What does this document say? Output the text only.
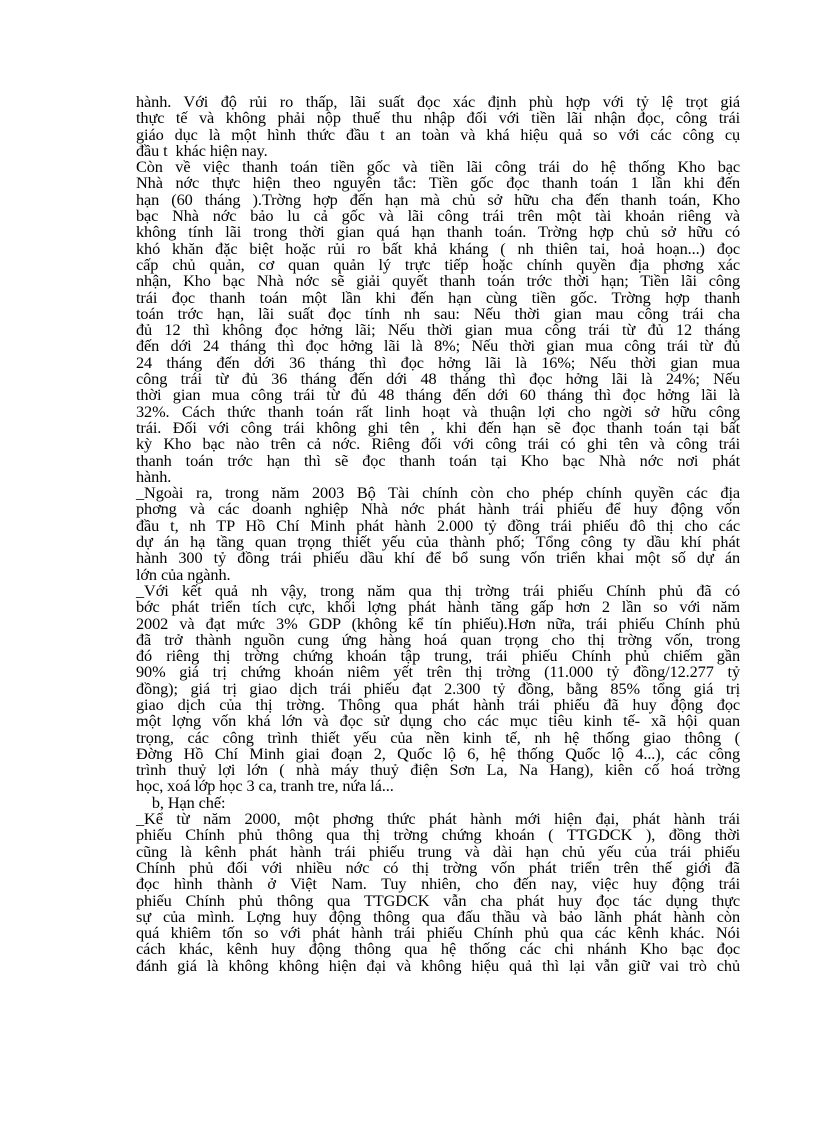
hành. Với độ rủi ro thấp, lãi suất đọc xác định phù hợp với tỷ lệ trọt giá
thực tế và không phải nộp thuế thu nhập đối với tiền lãi nhận đọc, công trái
giáo dục là một hình thức đầu t an toàn và khá hiệu quả so với các công cụ
đầu t  khác hiện nay.
Còn về việc thanh toán tiền gốc và tiền lãi công trái do hệ thống Kho bạc
Nhà nớc thực hiện theo nguyên tắc: Tiền gốc đọc thanh toán 1 lần khi đến
hạn (60 tháng ).Trờng hợp đến hạn mà chủ sở hữu cha đến thanh toán, Kho
bạc Nhà nớc bảo lu cả gốc và lãi công trái trên một tài khoản riêng và
không tính lãi trong thời gian quá hạn thanh toán. Trờng hợp chủ sở hữu có
khó khăn đặc biệt hoặc rủi ro bất khả kháng ( nh thiên tai, hoả hoạn...) đọc
cấp chủ quản, cơ quan quản lý trực tiếp hoặc chính quyền địa phơng xác
nhận, Kho bạc Nhà nớc sẽ giải quyết thanh toán trớc thời hạn; Tiền lãi công
trái đọc thanh toán một lần khi đến hạn cùng tiền gốc. Trờng hợp thanh
toán trớc hạn, lãi suất đọc tính nh sau: Nếu thời gian mau công trái cha
đủ 12 thì không đọc hởng lãi; Nếu thời gian mua công trái từ đủ 12 tháng
đến dới 24 tháng thì đọc hởng lãi là 8%; Nếu thời gian mua công trái từ đủ
24 tháng đến dới 36 tháng thì đọc hởng lãi là 16%; Nếu thời gian mua
công trái từ đủ 36 tháng đến dới 48 tháng thì đọc hởng lãi là 24%; Nếu
thời gian mua công trái từ đủ 48 tháng đến dới 60 tháng thì đọc hởng lãi là
32%. Cách thức thanh toán rất linh hoạt và thuận lợi cho ngời sở hữu công
trái. Đối với công trái không ghi tên , khi đến hạn sẽ đọc thanh toán tại bất
kỳ Kho bạc nào trên cả nớc. Riêng đối với công trái có ghi tên và công trái
thanh toán trớc hạn thì sẽ đọc thanh toán tại Kho bạc Nhà nớc nơi phát
hành.
_Ngoài ra, trong năm 2003 Bộ Tài chính còn cho phép chính quyền các địa
phơng và các doanh nghiệp Nhà nớc phát hành trái phiếu để huy động vốn
đầu t, nh TP Hồ Chí Minh phát hành 2.000 tỷ đồng trái phiếu đô thị cho các
dự án hạ tầng quan trọng thiết yếu của thành phố; Tổng công ty dầu khí phát
hành 300 tỷ đồng trái phiếu dầu khí để bổ sung vốn triển khai một số dự án
lớn của ngành.
_Với kết quả nh vậy, trong năm qua thị trờng trái phiếu Chính phủ đã có
bớc phát triển tích cực, khối lợng phát hành tăng gấp hơn 2 lần so với năm
2002 và đạt mức 3% GDP (không kể tín phiếu).Hơn nữa, trái phiếu Chính phủ
đã trở thành nguồn cung ứng hàng hoá quan trọng cho thị trờng vốn, trong
đó riêng thị trờng chứng khoán tập trung, trái phiếu Chính phủ chiếm gần
90% giá trị chứng khoán niêm yết trên thị trờng (11.000 tỷ đồng/12.277 tỷ
đồng); giá trị giao dịch trái phiếu đạt 2.300 tỷ đồng, bằng 85% tổng giá trị
giao dịch của thị trờng. Thông qua phát hành trái phiếu đã huy động đọc
một lợng vốn khá lớn và đọc sử dụng cho các mục tiêu kinh tế- xã hội quan
trọng, các công trình thiết yếu của nền kinh tế, nh hệ thống giao thông (
Đờng Hồ Chí Minh giai đoạn 2, Quốc lộ 6, hệ thống Quốc lộ 4...), các công
trình thuỷ lợi lớn ( nhà máy thuỷ điện Sơn La, Na Hang), kiên cố hoá trờng
học, xoá lớp học 3 ca, tranh tre, nứa lá...
b, Hạn chế:
_Kể từ năm 2000, một phơng thức phát hành mới hiện đại, phát hành trái
phiếu Chính phủ thông qua thị trờng chứng khoán ( TTGDCK ), đồng thời
cũng là kênh phát hành trái phiếu trung và dài hạn chủ yếu của trái phiếu
Chính phủ đối với nhiều nớc có thị trờng vốn phát triển trên thế giới đã
đọc hình thành ở Việt Nam. Tuy nhiên, cho đến nay, việc huy động trái
phiếu Chính phủ thông qua TTGDCK vẫn cha phát huy đọc tác dụng thực
sự của mình. Lợng huy động thông qua đấu thầu và bảo lãnh phát hành còn
quá khiêm tốn so với phát hành trái phiếu Chính phủ qua các kênh khác. Nói
cách khác, kênh huy động thông qua hệ thống các chi nhánh Kho bạc đọc
đánh giá là không không hiện đại và không hiệu quả thì lại vẫn giữ vai trò chủ
